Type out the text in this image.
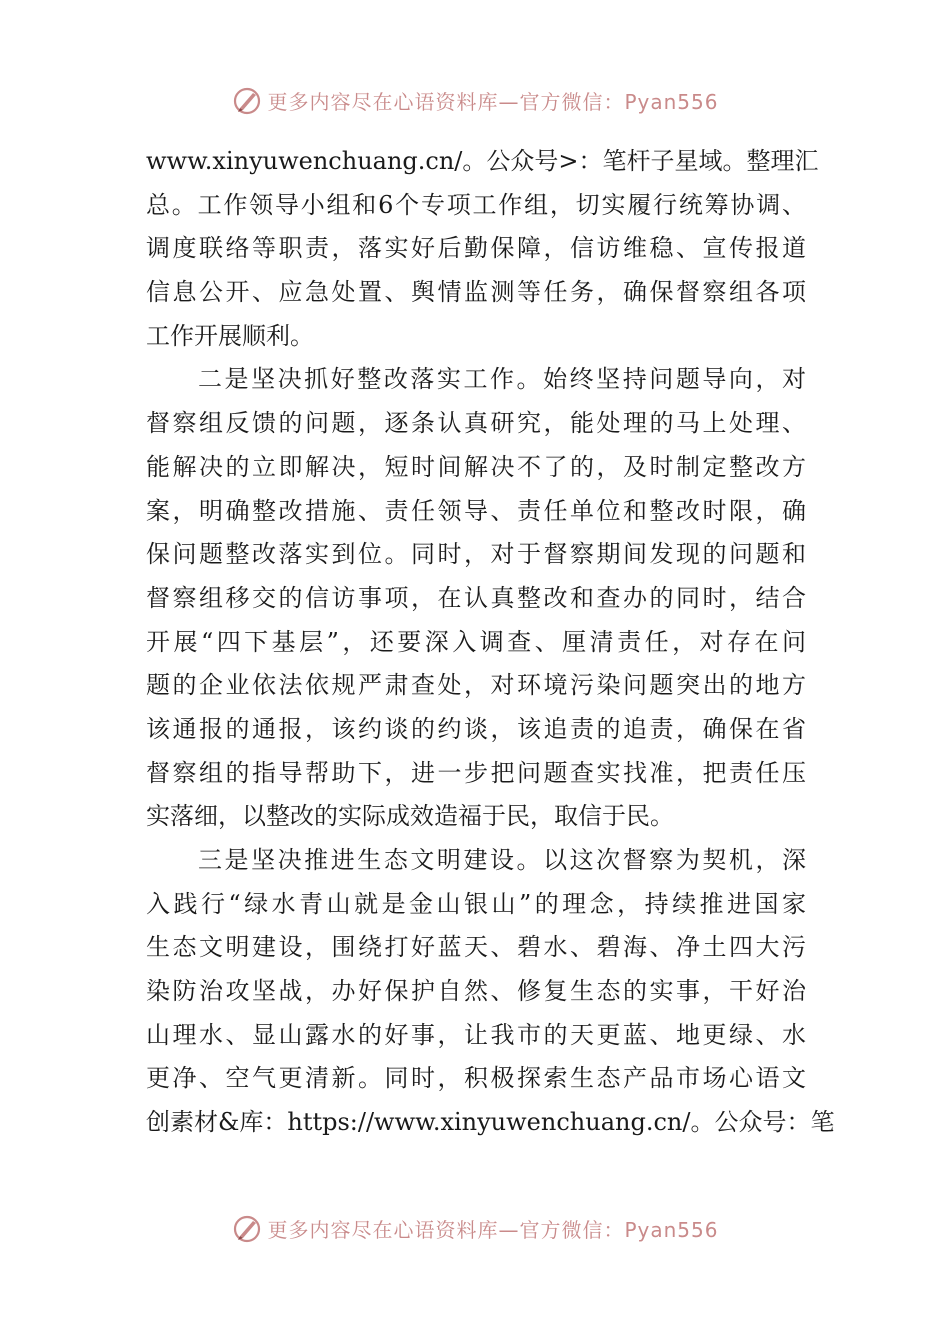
更多内容尽在心语资料库—官方微信：Pyan556
www.xinyuwenchuang.cn/。公众号>：笔杆子星域。整理汇
总。工作领导小组和6个专项工作组，切实履行统筹协调、
调度联络等职责，落实好后勤保障，信访维稳、宣传报道
信息公开、应急处置、舆情监测等任务，确保督察组各项
工作开展顺利。
二是坚决抓好整改落实工作。始终坚持问题导向，对
督察组反馈的问题，逐条认真研究，能处理的马上处理、
能解决的立即解决，短时间解决不了的，及时制定整改方
案，明确整改措施、责任领导、责任单位和整改时限，确
保问题整改落实到位。同时，对于督察期间发现的问题和
督察组移交的信访事项，在认真整改和查办的同时，结合
开展“四下基层”，还要深入调查、厘清责任，对存在问
题的企业依法依规严肃查处，对环境污染问题突出的地方
该通报的通报，该约谈的约谈，该追责的追责，确保在省
督察组的指导帮助下，进一步把问题查实找准，把责任压
实落细，以整改的实际成效造福于民，取信于民。
三是坚决推进生态文明建设。以这次督察为契机，深
入践行“绿水青山就是金山银山”的理念，持续推进国家
生态文明建设，围绕打好蓝天、碧水、碧海、净土四大污
染防治攻坚战，办好保护自然、修复生态的实事，干好治
山理水、显山露水的好事，让我市的天更蓝、地更绿、水
更净、空气更清新。同时，积极探索生态产品市场心语文
创素材&库：https://www.xinyuwenchuang.cn/。公众号：笔
更多内容尽在心语资料库—官方微信：Pyan556
